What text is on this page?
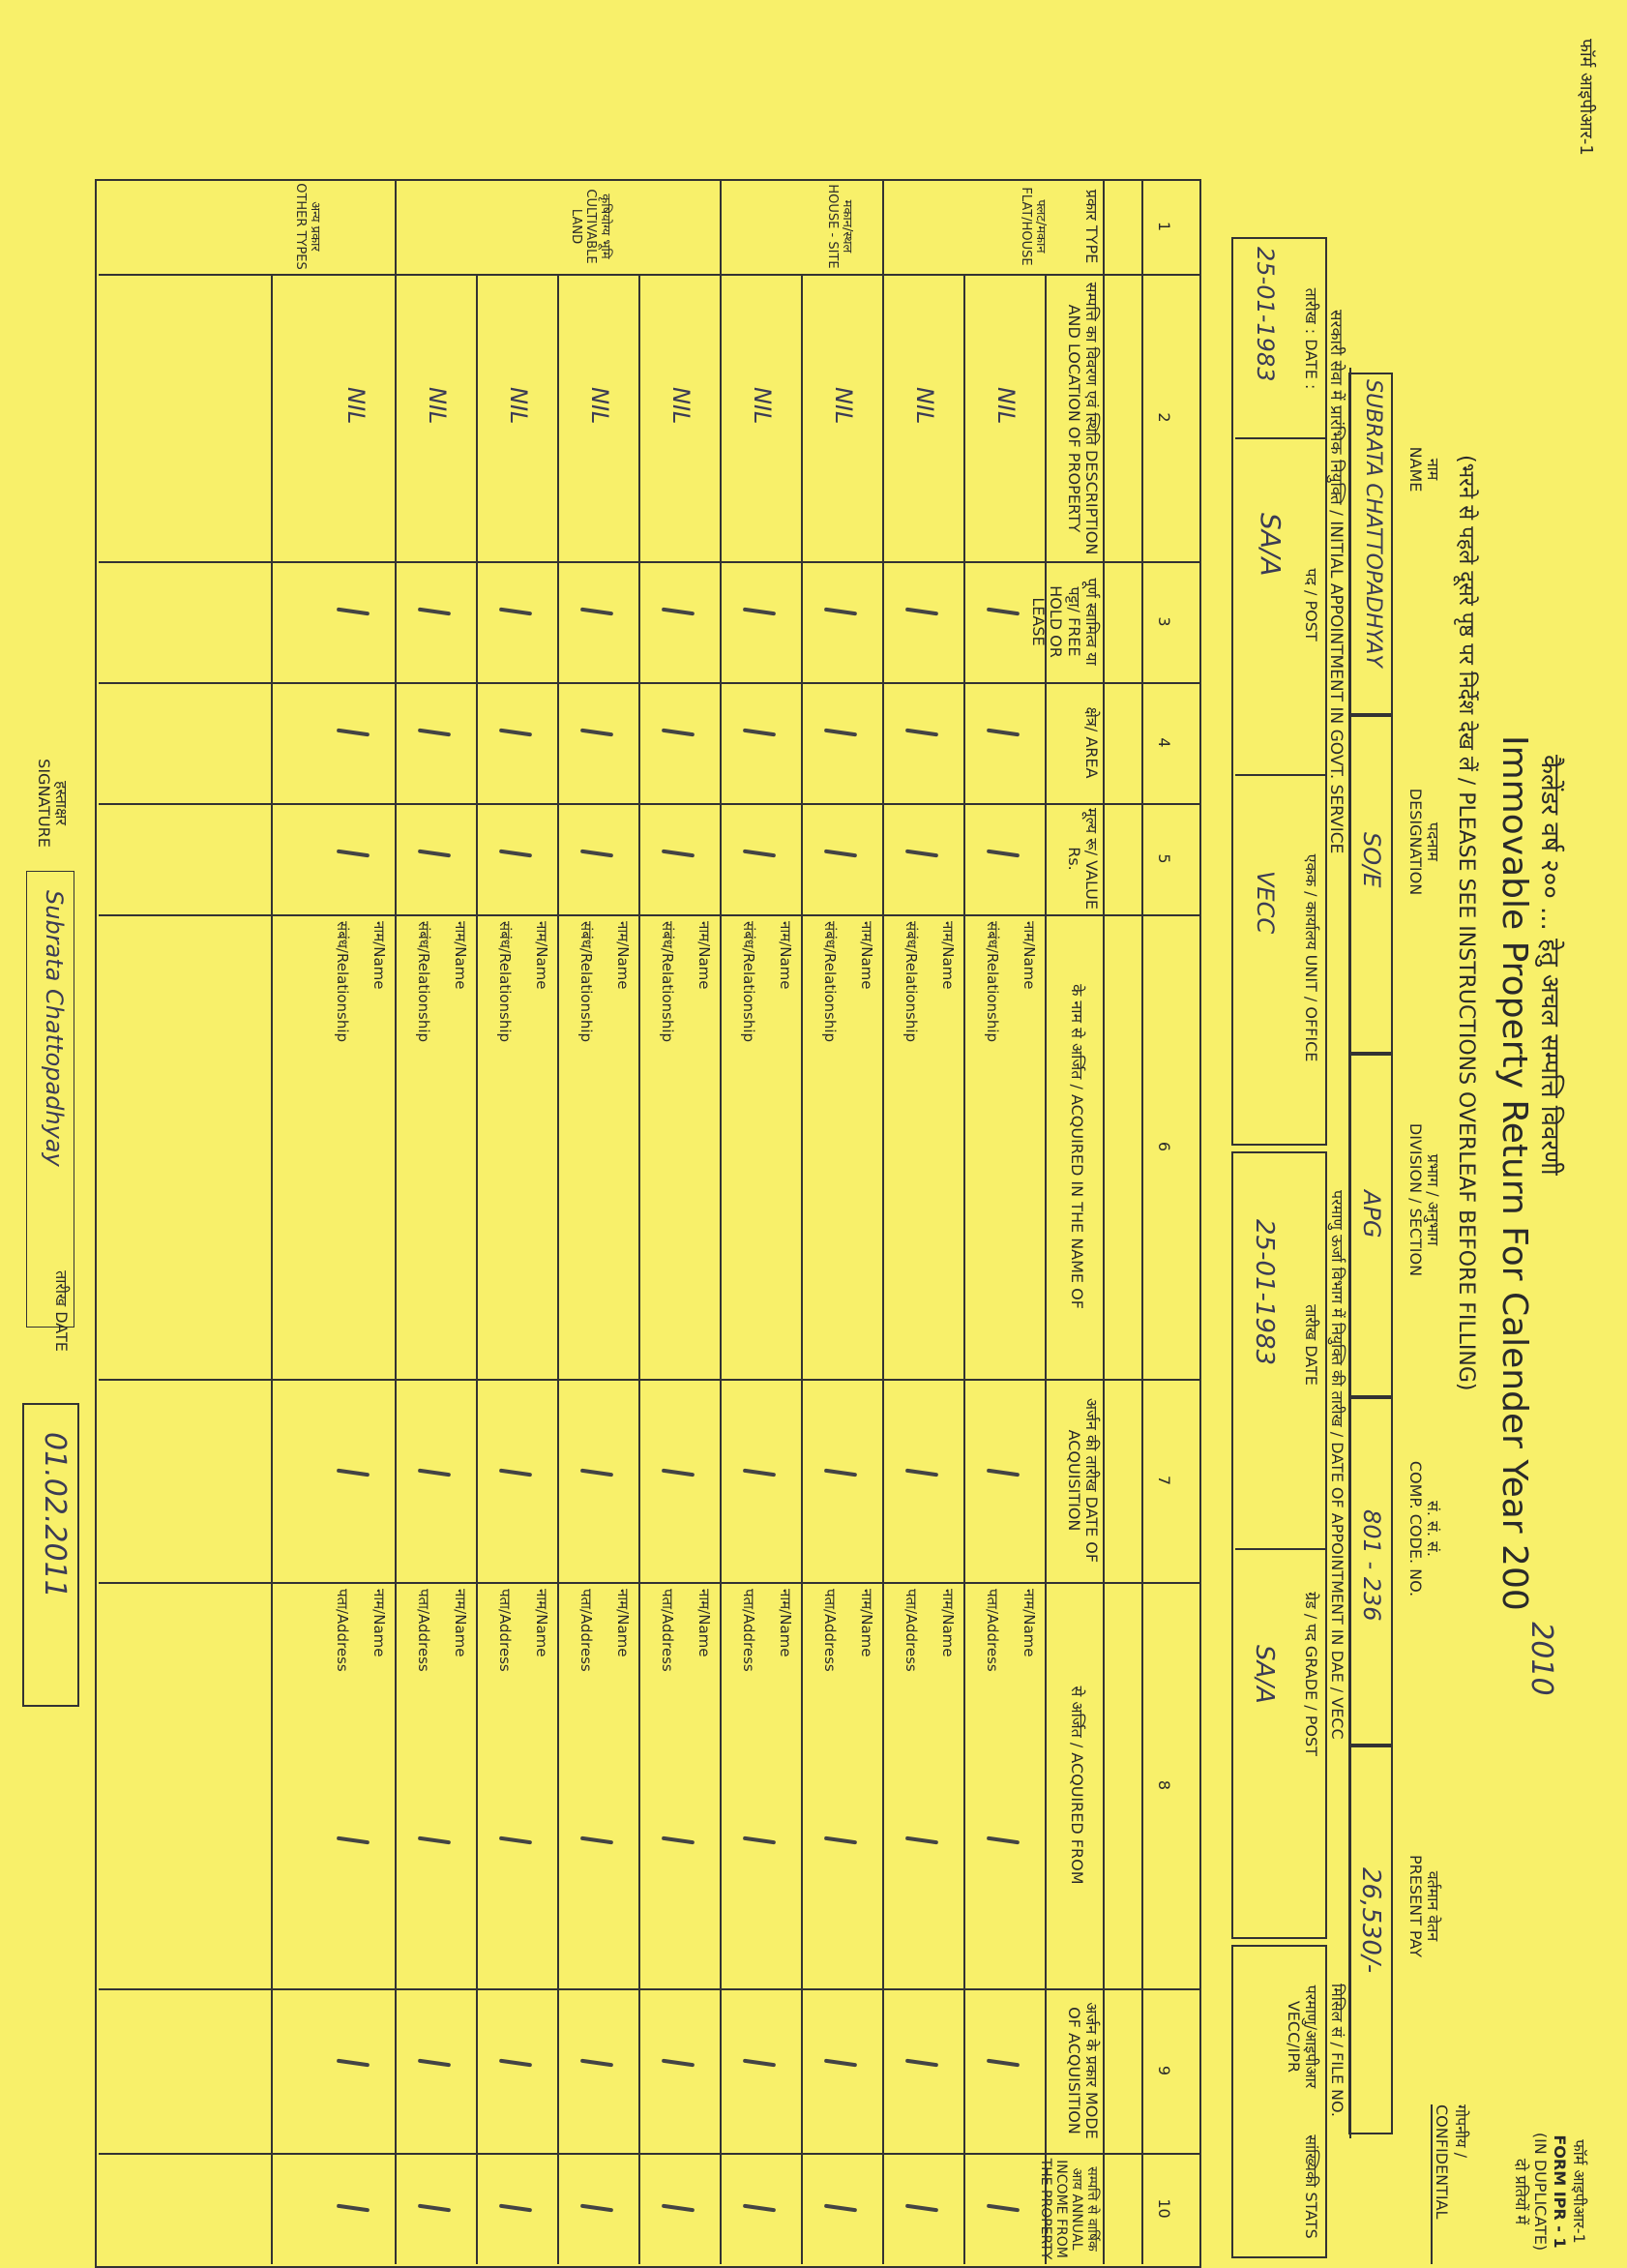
फॉर्म आइपीआर-1
कैलेंडर वर्ष २०० ... हेतु अचल सम्पत्ति विवरणी
Immovable Property Return For Calender Year 200 $^{2010}$
(भरने से पहले दूसरे पृष्ठ पर निर्देश देख लें / PLEASE SEE INSTRUCTIONS OVERLEAF BEFORE FILLING)
फॉर्म आइपीआर-1
FORM IPR - 1
(IN DUPLICATE)
दो प्रतियों में
गोपनीय / CONFIDENTIAL
नाम
NAME
SUBRATA CHATTOPADHYAY
पदनाम
DESIGNATION
SO/E
प्रभाग / अनुभाग
DIVISION / SECTION
APG
सं. सं. सं.
COMP. CODE. NO.
801 - 236
वर्तमान वेतन
PRESENT PAY
26,530/-
सरकारी सेवा में प्रारंभिक नियुक्ति / INITIAL APPOINTMENT IN GOVT. SERVICE
परमाणु ऊर्जा विभाग में नियुक्ति की तारीख / DATE OF APPOINTMENT IN DAE / VECC
तारीख : DATE :
25-01-1983
पद / POST
SA/A
एकक / कार्यालय UNIT / OFFICE
VECC
तारीख DATE
25-01-1983
ग्रेड / पद GRADE / POST
SA/A
मिसिल सं / FILE NO.
परमाणु/आइपीआर VECC/IPR
सांख्यिकी STATS
1
2
3
4
5
6
7
8
9
10
प्रकार TYPE
सम्पत्ति का विवरण एवं स्थिति DESCRIPTION AND LOCATION OF PROPERTY
पूर्ण स्वामित्व या पट्टा/ FREE HOLD OR LEASE
क्षेत्र/ AREA
मूल्य रू/ VALUE Rs.
के नाम से अर्जित / ACQUIRED IN THE NAME OF
अर्जन की तारीख DATE OF ACQUISITION
से अर्जित / ACQUIRED FROM
अर्जन के प्रकार MODE OF ACQUISITION
सम्पत्ति से वार्षिक आय ANNUAL INCOME FROM THE PROPERTY
फ्लट/मकान FLAT/HOUSE
मकान/स्थल HOUSE - SITE
कृषियोग्य भूमि CULTIVABLE LAND
अन्य प्रकार OTHER TYPES
NIL
नाम/Name
संबंध/Relationship
नाम/Name
पता/Address
NIL
नाम/Name
संबंध/Relationship
नाम/Name
पता/Address
NIL
नाम/Name
संबंध/Relationship
नाम/Name
पता/Address
NIL
नाम/Name
संबंध/Relationship
नाम/Name
पता/Address
NIL
नाम/Name
संबंध/Relationship
नाम/Name
पता/Address
NIL
नाम/Name
संबंध/Relationship
नाम/Name
पता/Address
NIL
नाम/Name
संबंध/Relationship
नाम/Name
पता/Address
NIL
नाम/Name
संबंध/Relationship
नाम/Name
पता/Address
NIL
नाम/Name
संबंध/Relationship
नाम/Name
पता/Address
हस्ताक्षर SIGNATURE
Subrata Chattopadhyay
तारीख DATE
01.02.2011
